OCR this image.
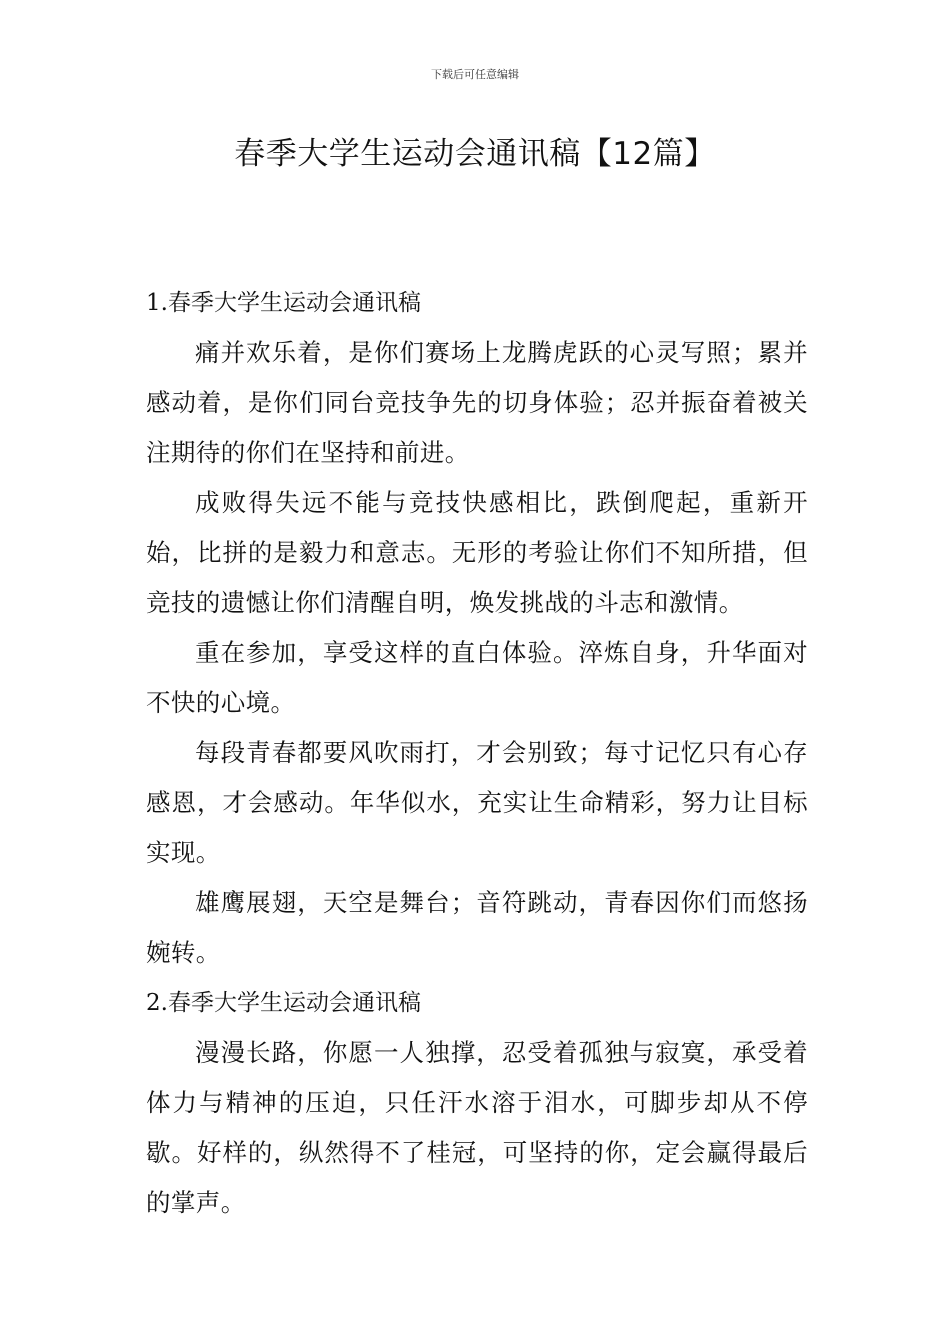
下载后可任意编辑
春季大学生运动会通讯稿【12篇】

1.春季大学生运动会通讯稿

痛并欢乐着，是你们赛场上龙腾虎跃的心灵写照；累并感动着，是你们同台竞技争先的切身体验；忍并振奋着被关注期待的你们在坚持和前进。

成败得失远不能与竞技快感相比，跌倒爬起，重新开始，比拼的是毅力和意志。无形的考验让你们不知所措，但竞技的遗憾让你们清醒自明，焕发挑战的斗志和激情。

重在参加，享受这样的直白体验。淬炼自身，升华面对不快的心境。

每段青春都要风吹雨打，才会别致；每寸记忆只有心存感恩，才会感动。年华似水，充实让生命精彩，努力让目标实现。

雄鹰展翅，天空是舞台；音符跳动，青春因你们而悠扬婉转。

2.春季大学生运动会通讯稿

漫漫长路，你愿一人独撑，忍受着孤独与寂寞，承受着体力与精神的压迫，只任汗水溶于泪水，可脚步却从不停歇。好样的，纵然得不了桂冠，可坚持的你，定会赢得最后的掌声。
